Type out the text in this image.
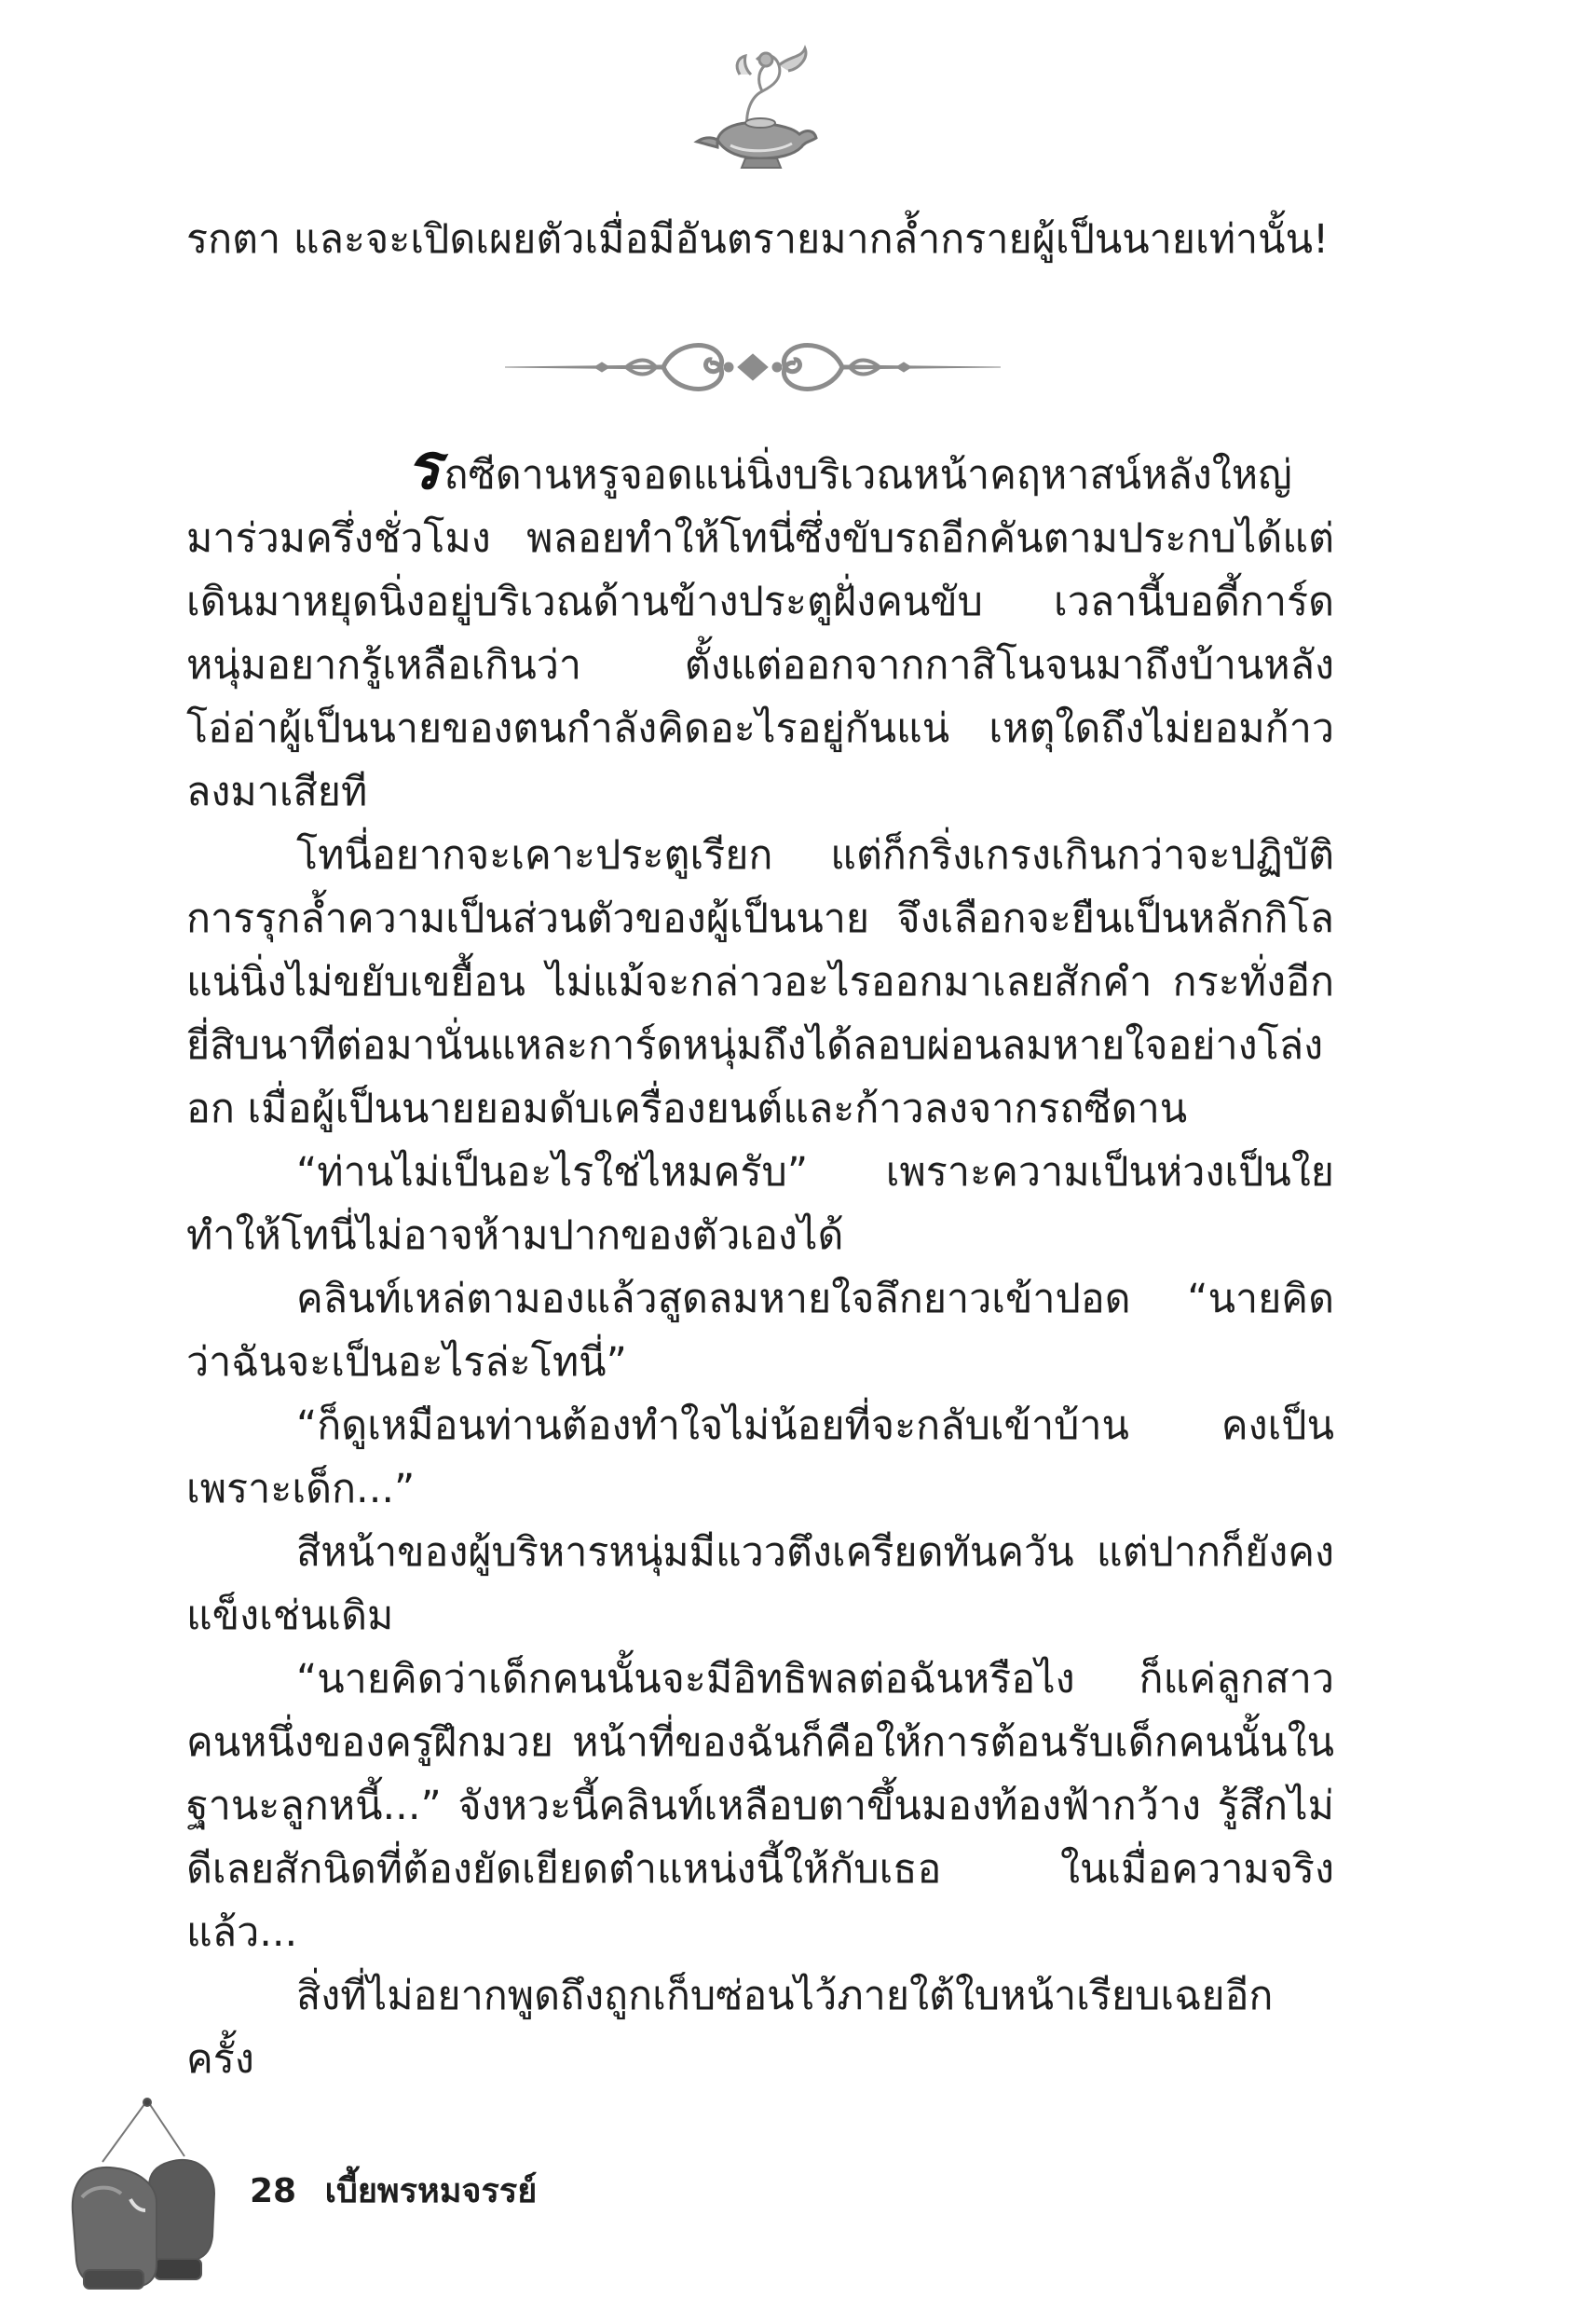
รกตา และจะเปิดเผยตัวเมื่อมีอันตรายมากล้ำกรายผู้เป็นนายเท่านั้น!

รถซีดานหรูจอดแน่นิ่งบริเวณหน้าคฤหาสน์หลังใหญ่มาร่วมครึ่งชั่วโมง พลอยทำให้โทนี่ซึ่งขับรถอีกคันตามประกบได้แต่เดินมาหยุดนิ่งอยู่บริเวณด้านข้างประตูฝั่งคนขับ เวลานี้บอดี้การ์ดหนุ่มอยากรู้เหลือเกินว่า ตั้งแต่ออกจากกาสิโนจนมาถึงบ้านหลังโอ่อ่าผู้เป็นนายของตนกำลังคิดอะไรอยู่กันแน่ เหตุใดถึงไม่ยอมก้าวลงมาเสียที

โทนี่อยากจะเคาะประตูเรียก แต่ก็กริ่งเกรงเกินกว่าจะปฏิบัติการรุกล้ำความเป็นส่วนตัวของผู้เป็นนาย จึงเลือกจะยืนเป็นหลักกิโล แน่นิ่งไม่ขยับเขยื้อน ไม่แม้จะกล่าวอะไรออกมาเลยสักคำ กระทั่งอีกยี่สิบนาทีต่อมานั่นแหละการ์ดหนุ่มถึงได้ลอบผ่อนลมหายใจอย่างโล่งอก เมื่อผู้เป็นนายยอมดับเครื่องยนต์และก้าวลงจากรถซีดาน

“ท่านไม่เป็นอะไรใช่ไหมครับ” เพราะความเป็นห่วงเป็นใย ทำให้โทนี่ไม่อาจห้ามปากของตัวเองได้

คลินท์เหล่ตามองแล้วสูดลมหายใจลึกยาวเข้าปอด “นายคิดว่าฉันจะเป็นอะไรล่ะโทนี่”

“ก็ดูเหมือนท่านต้องทำใจไม่น้อยที่จะกลับเข้าบ้าน คงเป็นเพราะเด็ก...”

สีหน้าของผู้บริหารหนุ่มมีแววตึงเครียดทันควัน แต่ปากก็ยังคงแข็งเช่นเดิม

“นายคิดว่าเด็กคนนั้นจะมีอิทธิพลต่อฉันหรือไง ก็แค่ลูกสาวคนหนึ่งของครูฝึกมวย หน้าที่ของฉันก็คือให้การต้อนรับเด็กคนนั้นในฐานะลูกหนี้...” จังหวะนี้คลินท์เหลือบตาขึ้นมองท้องฟ้ากว้าง รู้สึกไม่ดีเลยสักนิดที่ต้องยัดเยียดตำแหน่งนี้ให้กับเธอ ในเมื่อความจริงแล้ว...

สิ่งที่ไม่อยากพูดถึงถูกเก็บซ่อนไว้ภายใต้ใบหน้าเรียบเฉยอีกครั้ง

28 เบี้ยพรหมจรรย์
